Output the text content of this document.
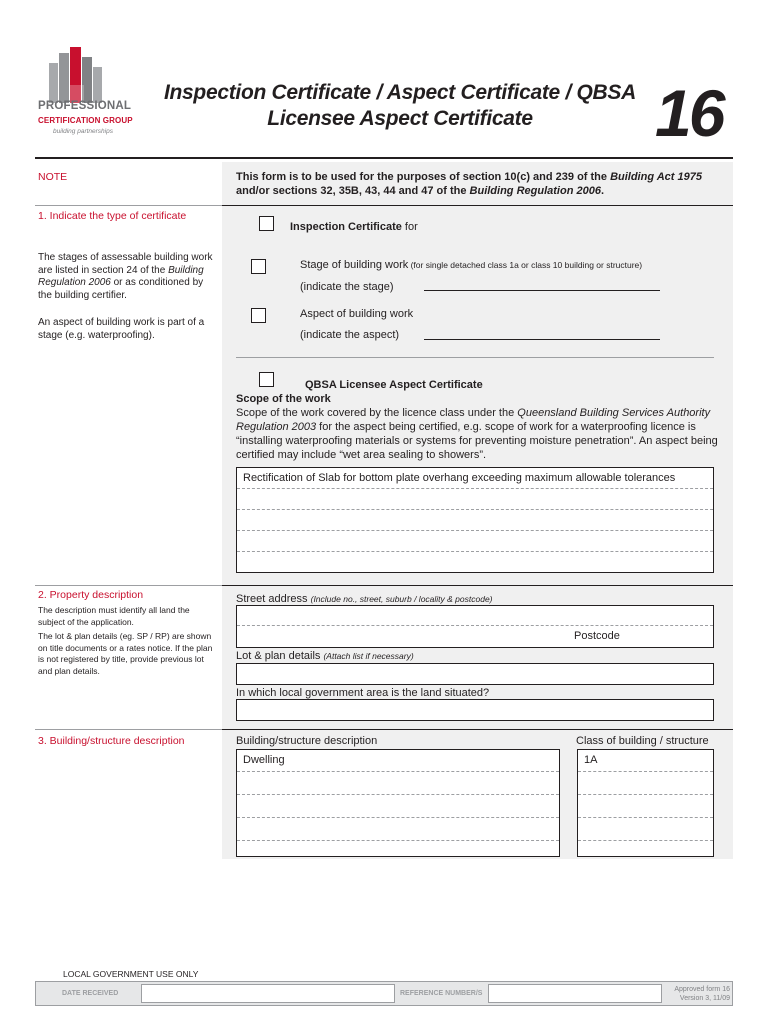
PROFESSIONAL
CERTIFICATION GROUP
building partnerships
Inspection Certificate / Aspect Certificate / QBSA
Licensee Aspect Certificate	16
NOTE	This form is to be used for the purposes of section 10(c) and 239 of the Building Act 1975 and/or sections 32, 35B, 43, 44 and 47 of the Building Regulation 2006.
1. Indicate the type of certificate
The stages of assessable building work are listed in section 24 of the Building Regulation 2006 or as conditioned by the building certifier.
An aspect of building work is part of a stage (e.g. waterproofing).
Inspection Certificate for
Stage of building work (for single detached class 1a or class 10 building or structure)
(indicate the stage)
Aspect of building work
(indicate the aspect)
QBSA Licensee Aspect Certificate
Scope of the work
Scope of the work covered by the licence class under the Queensland Building Services Authority Regulation 2003 for the aspect being certified, e.g. scope of work for a waterproofing licence is “installing waterproofing materials or systems for preventing moisture penetration”. An aspect being certified may include “wet area sealing to showers”.
Rectification of Slab for bottom plate overhang exceeding maximum allowable tolerances
2. Property description
The description must identify all land the subject of the application.
The lot & plan details (eg. SP / RP) are shown on title documents or a rates notice. If the plan is not registered by title, provide previous lot and plan details.
Street address (Include no., street, suburb / locality & postcode)
Postcode
Lot & plan details (Attach list if necessary)
In which local government area is the land situated?
3. Building/structure description	Building/structure description	Class of building / structure
Dwelling	1A
LOCAL GOVERNMENT USE ONLY
DATE RECEIVED	REFERENCE NUMBER/S
Approved form 16
Version 3, 11/09
